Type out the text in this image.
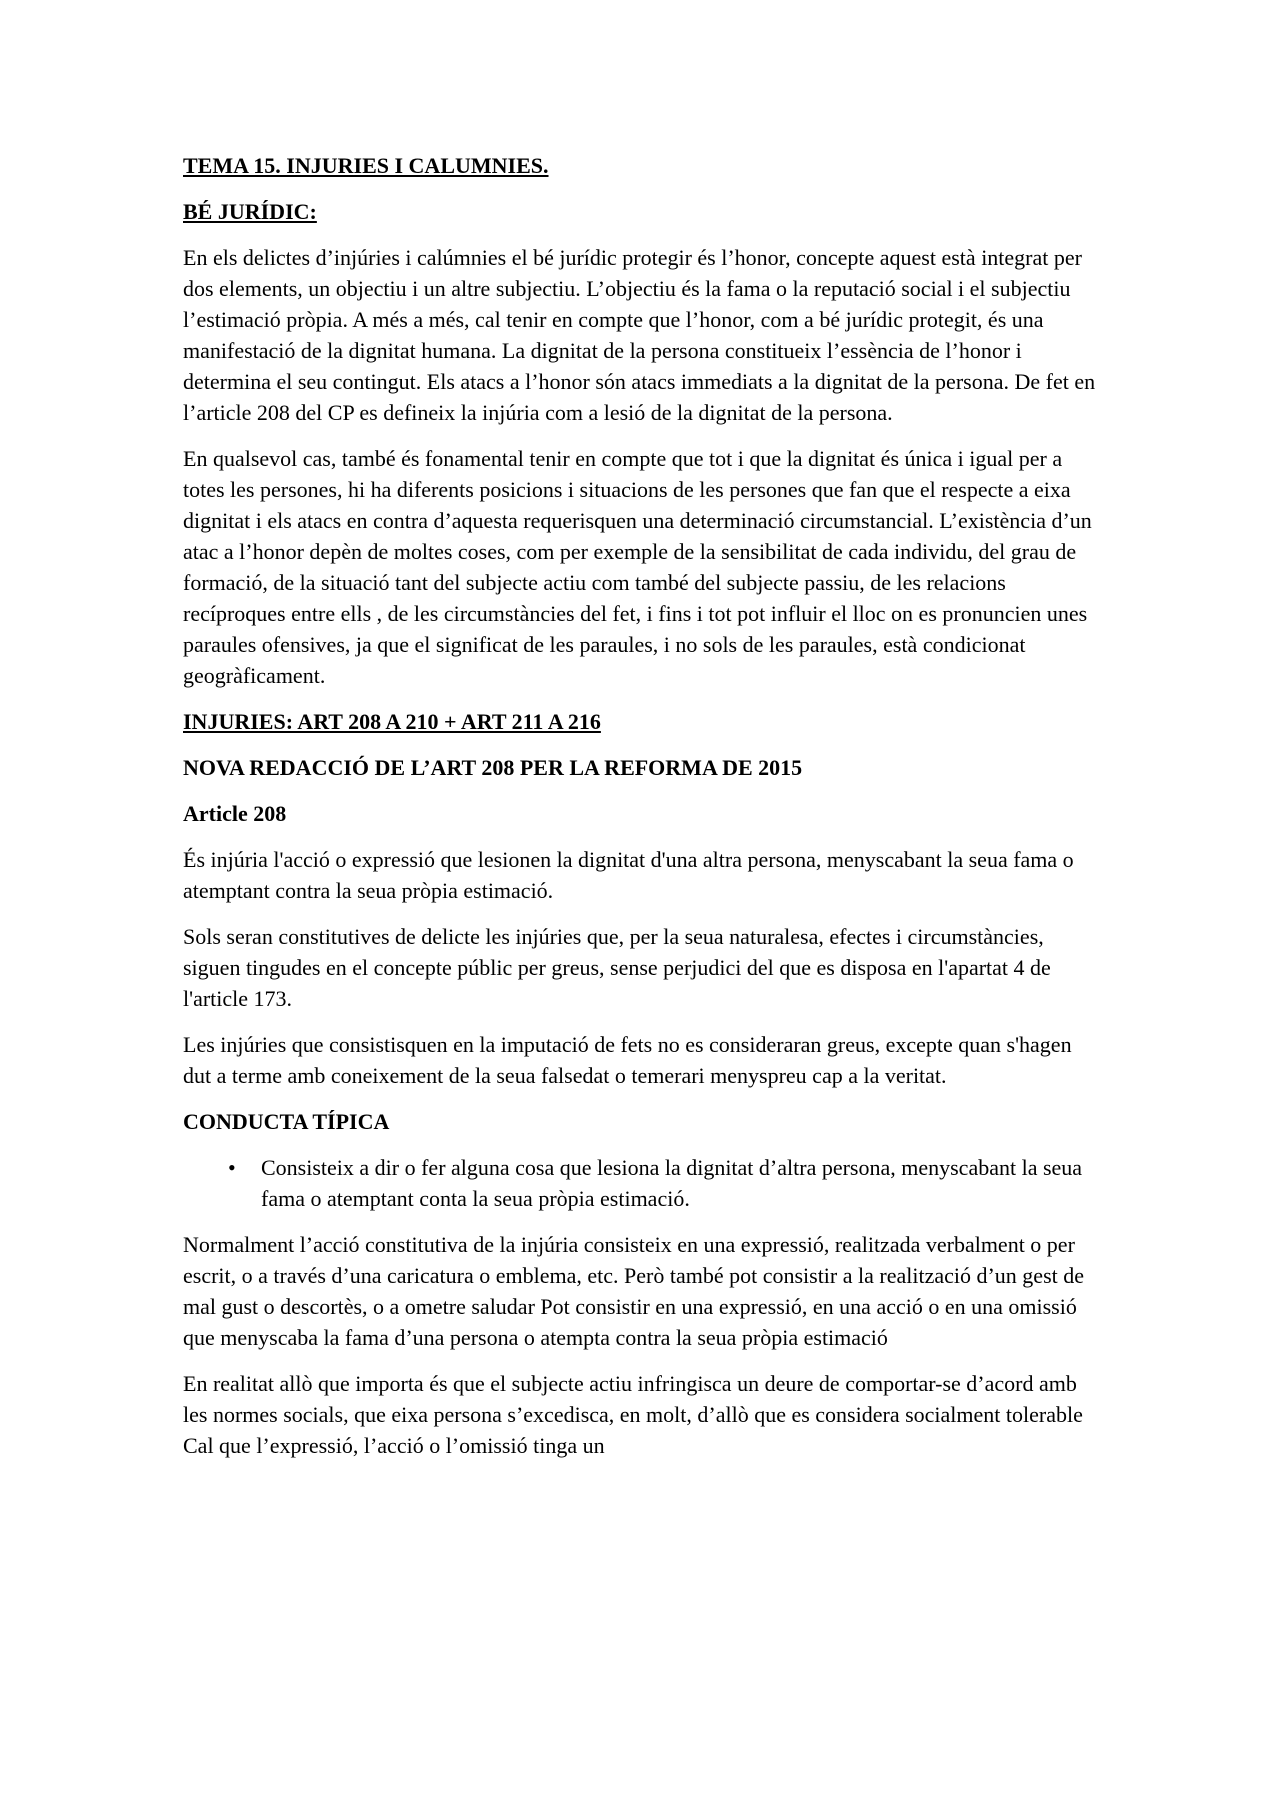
TEMA 15. INJURIES I CALUMNIES.
BÉ JURÍDIC:

En els delictes d’injúries i calúmnies el bé jurídic protegir és l’honor, concepte aquest està integrat per dos elements, un objectiu i un altre subjectiu. L’objectiu és la fama o la reputació social i el subjectiu l’estimació pròpia. A més a més, cal tenir en compte que l’honor, com a bé jurídic protegit, és una manifestació de la dignitat humana. La dignitat de la persona constitueix l’essència de l’honor i determina el seu contingut. Els atacs a l’honor són atacs immediats a la dignitat de la persona. De fet en l’article 208 del CP es defineix la injúria com a lesió de la dignitat de la persona.

En qualsevol cas, també és fonamental tenir en compte que tot i que la dignitat és única i igual per a totes les persones, hi ha diferents posicions i situacions de les persones que fan que el respecte a eixa dignitat i els atacs en contra d’aquesta requerisquen una determinació circumstancial. L’existència d’un atac a l’honor depèn de moltes coses, com per exemple de la sensibilitat de cada individu, del grau de formació, de la situació tant del subjecte actiu com també del subjecte passiu, de les relacions recíproques entre ells , de les circumstàncies del fet, i fins i tot pot influir el lloc on es pronuncien unes paraules ofensives, ja que el significat de les paraules, i no sols de les paraules, està condicionat geogràficament.

INJURIES: ART 208 A 210 + ART 211 A 216
NOVA REDACCIÓ DE L’ART 208 PER LA REFORMA DE 2015
Article 208

És injúria l'acció o expressió que lesionen la dignitat d'una altra persona, menyscabant la seua fama o atemptant contra la seua pròpia estimació.

Sols seran constitutives de delicte les injúries que, per la seua naturalesa, efectes i circumstàncies, siguen tingudes en el concepte públic per greus, sense perjudici del que es disposa en l'apartat 4 de l'article 173.

Les injúries que consistisquen en la imputació de fets no es consideraran greus, excepte quan s'hagen dut a terme amb coneixement de la seua falsedat o temerari menyspreu cap a la veritat.

CONDUCTA TÍPICA
• Consisteix a dir o fer alguna cosa que lesiona la dignitat d’altra persona, menyscabant la seua fama o atemptant conta la seua pròpia estimació.

Normalment l’acció constitutiva de la injúria consisteix en una expressió, realitzada verbalment o per escrit, o a través d’una caricatura o emblema, etc. Però també pot consistir a la realització d’un gest de mal gust o descortès, o a ometre saludar Pot consistir en una expressió, en una acció o en una omissió que menyscaba la fama d’una persona o atempta contra la seua pròpia estimació

En realitat allò que importa és que el subjecte actiu infringisca un deure de comportar-se d’acord amb les normes socials, que eixa persona s’excedisca, en molt, d’allò que es considera socialment tolerable Cal que l’expressió, l’acció o l’omissió tinga un
